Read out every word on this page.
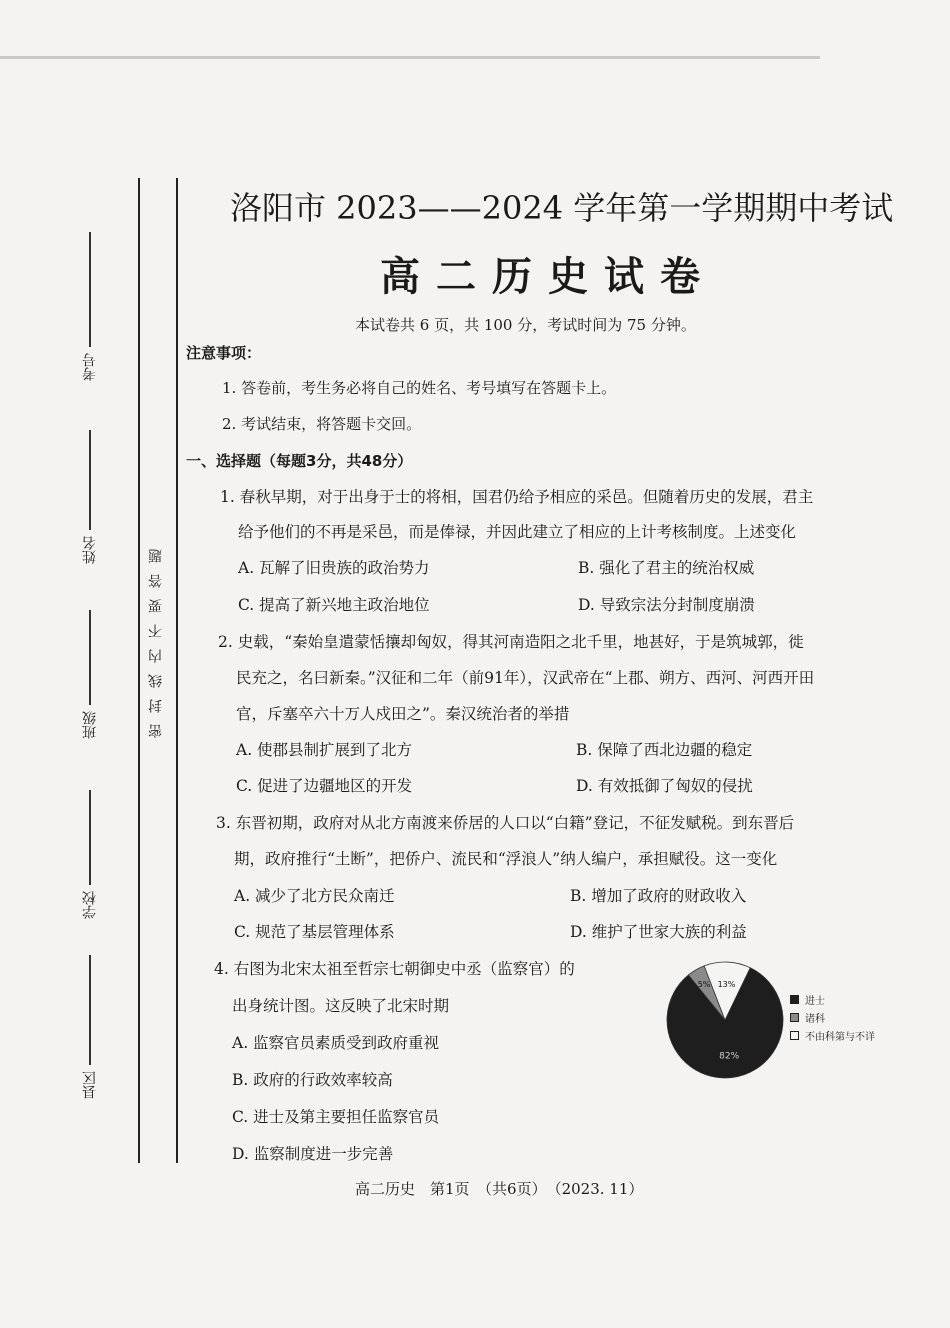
考号
姓名
班级
学校
县区
密封线内不要答题
洛阳市 2023——2024 学年第一学期期中考试
高二历史试卷
本试卷共 6 页，共 100 分，考试时间为 75 分钟。
注意事项：
1. 答卷前，考生务必将自己的姓名、考号填写在答题卡上。
2. 考试结束，将答题卡交回。
一、选择题（每题3分，共48分）
1. 春秋早期，对于出身于士的将相，国君仍给予相应的采邑。但随着历史的发展，君主
给予他们的不再是采邑，而是俸禄，并因此建立了相应的上计考核制度。上述变化
A. 瓦解了旧贵族的政治势力	B. 强化了君主的统治权威
C. 提高了新兴地主政治地位	D. 导致宗法分封制度崩溃
2. 史载，“秦始皇遣蒙恬攘却匈奴，得其河南造阳之北千里，地甚好，于是筑城郭，徙
民充之，名曰新秦。”汉征和二年（前91年），汉武帝在“上郡、朔方、西河、河西开田
官，斥塞卒六十万人戍田之”。秦汉统治者的举措
A. 使郡县制扩展到了北方	B. 保障了西北边疆的稳定
C. 促进了边疆地区的开发	D. 有效抵御了匈奴的侵扰
3. 东晋初期，政府对从北方南渡来侨居的人口以“白籍”登记，不征发赋税。到东晋后
期，政府推行“土断”，把侨户、流民和“浮浪人”纳人编户，承担赋役。这一变化
A. 减少了北方民众南迁	B. 增加了政府的财政收入
C. 规范了基层管理体系	D. 维护了世家大族的利益
4. 右图为北宋太祖至哲宗七朝御史中丞（监察官）的
出身统计图。这反映了北宋时期
A. 监察官员素质受到政府重视
B. 政府的行政效率较高
C. 进士及第主要担任监察官员
D. 监察制度进一步完善
82%
5% 13%
进士
诸科
不由科第与不详
高二历史　第1页　（共6页）　（2023. 11）
